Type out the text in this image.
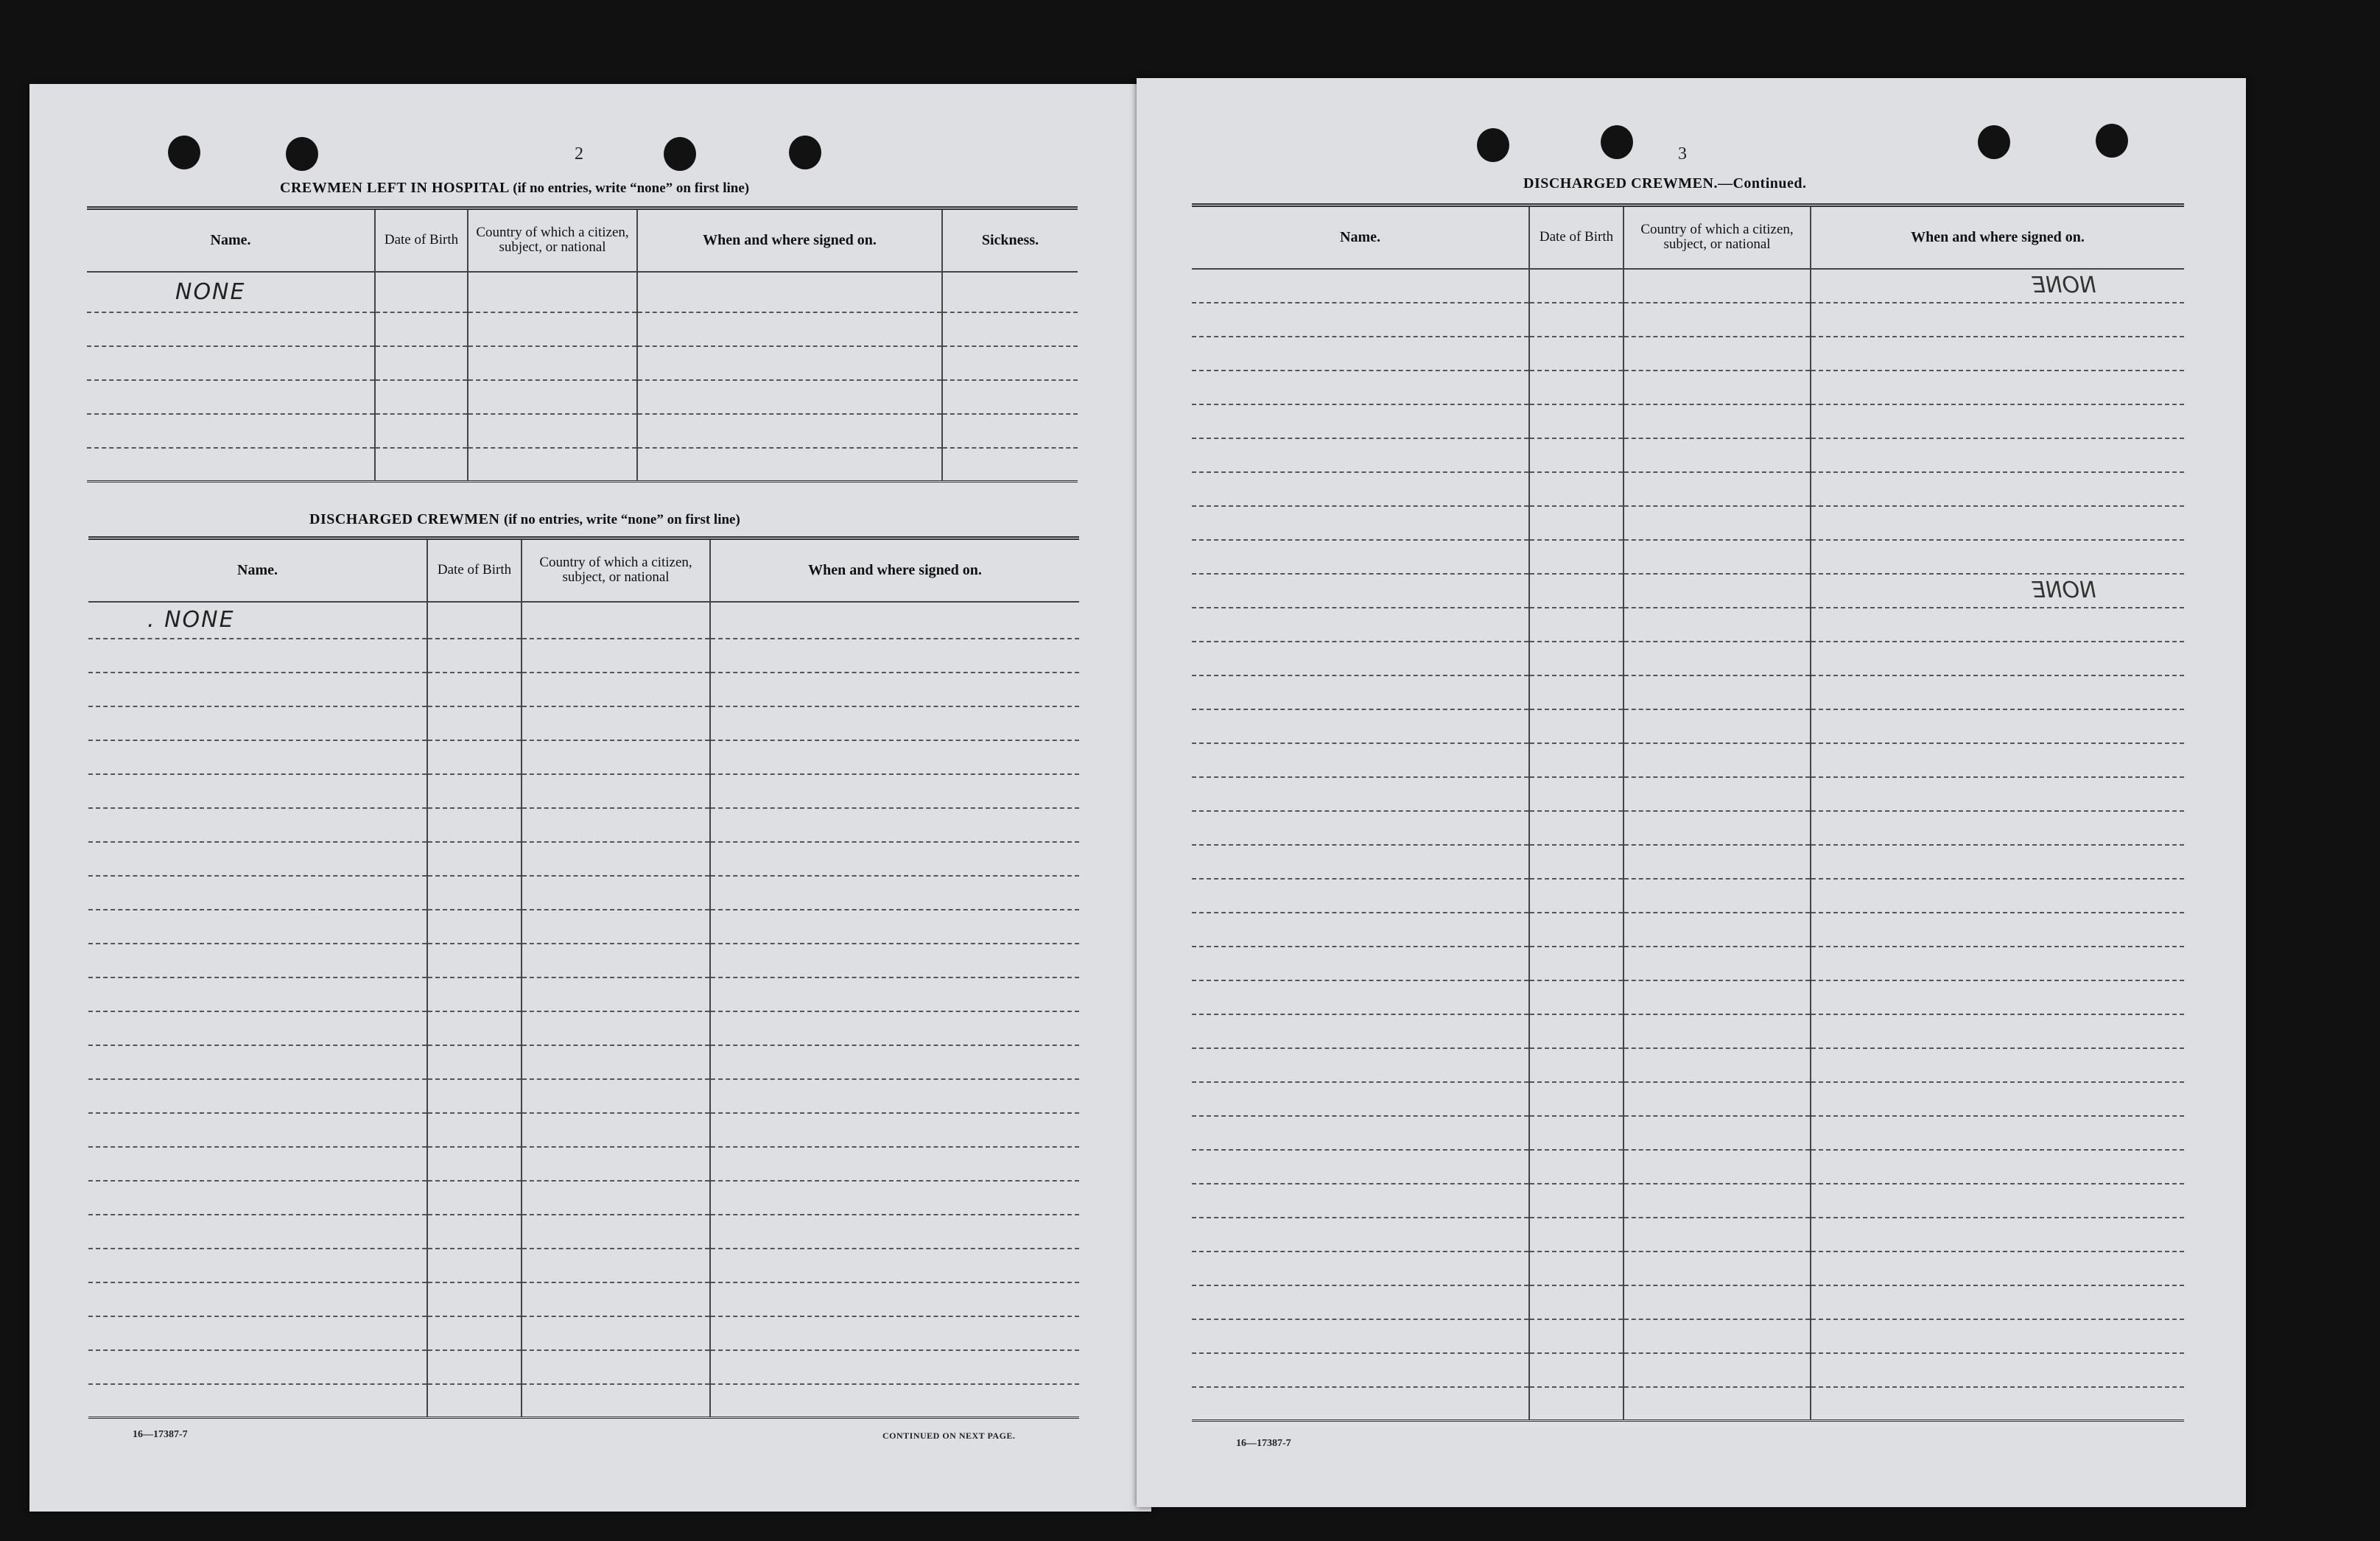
2
CREWMEN LEFT IN HOSPITAL (if no entries, write “none” on first line)
Name.	Date of Birth	Country of which a citizen, subject, or national	When and where signed on.	Sickness.
NONE				

DISCHARGED CREWMEN (if no entries, write “none” on first line)
Name.	Date of Birth	Country of which a citizen, subject, or national	When and where signed on.
. NONE			

16—17387-7	CONTINUED ON NEXT PAGE.
3
DISCHARGED CREWMEN.—Continued.
Name.	Date of Birth	Country of which a citizen, subject, or national	When and where signed on.
			NONE

			NONE

16—17387-7
